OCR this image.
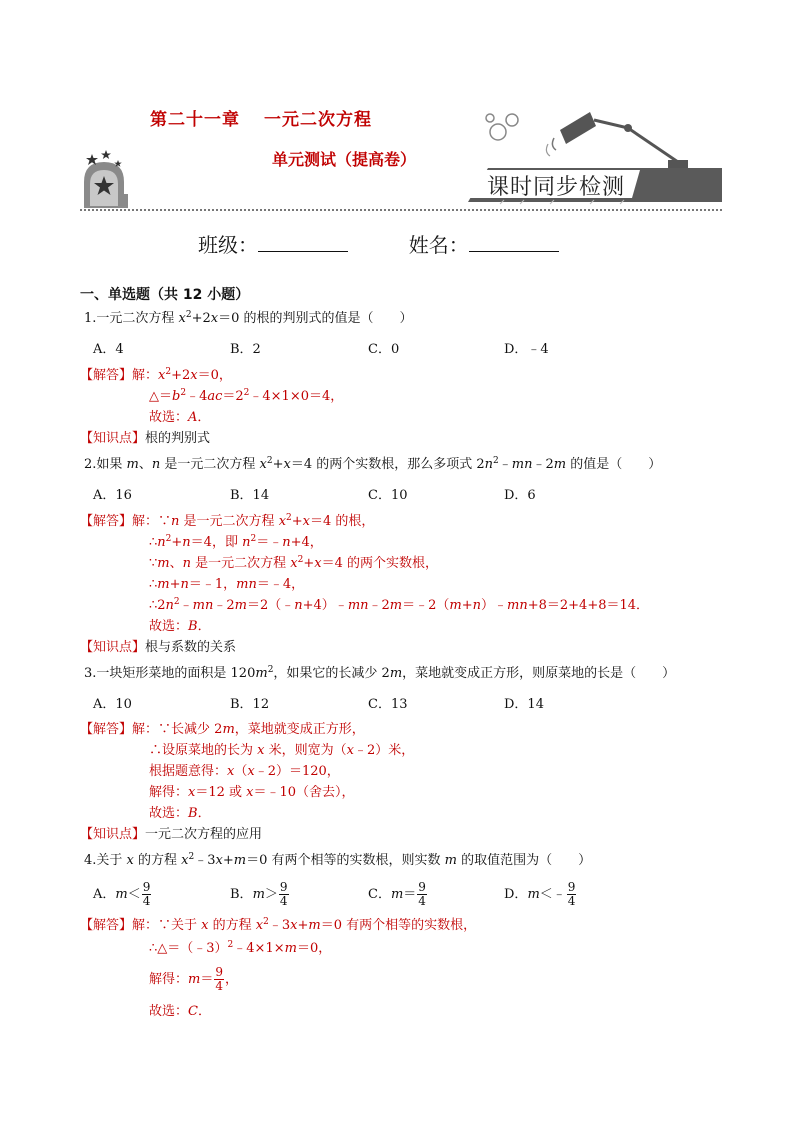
第二十一章 一元二次方程
单元测试（提高卷）
课时同步检测
班级：	姓名：
一、单选题（共 12 小题）
1.一元二次方程 $x^2+2x=0$ 的根的判别式的值是（　　）
A．4	B．2	C．0	D．﹣4
【解答】解：$x^2+2x=0$，
$\triangle=b^2﹣4ac=2^2﹣4\times 1\times 0=4$，
故选：A．
【知识点】根的判别式
2.如果 m、n 是一元二次方程 $x^2+x=4$ 的两个实数根，那么多项式 $2n^2﹣mn﹣2m$ 的值是（　　）
A．16	B．14	C．10	D．6
【解答】解：∵n 是一元二次方程 $x^2+x=4$ 的根，
$\therefore n^2+n=4$，即 $n^2=﹣n+4$，
∵m、n 是一元二次方程 $x^2+x=4$ 的两个实数根，
∴m+n＝﹣1，mn＝﹣4，
$\therefore 2n^2﹣mn﹣2m=2(﹣n+4)﹣mn﹣2m=﹣2(m+n)﹣mn+8=2+4+8=14$．
故选：B．
【知识点】根与系数的关系
3.一块矩形菜地的面积是 $120m^2$，如果它的长减少 2m，菜地就变成正方形，则原菜地的长是（　　）
A．10	B．12	C．13	D．14
【解答】解：∵长减少 2m，菜地就变成正方形，
∴设原菜地的长为 x 米，则宽为（x﹣2）米，
根据题意得：x（x﹣2）＝120，
解得：x＝12 或 x＝﹣10（舍去），
故选：B．
【知识点】一元二次方程的应用
4.关于 x 的方程 $x^2﹣3x+m=0$ 有两个相等的实数根，则实数 m 的取值范围为（　　）
A．$m< \frac{9}{4}$	B．$m> \frac{9}{4}$	C．$m= \frac{9}{4}$	D．m＜﹣ $\frac{9}{4}$
【解答】解：∵关于 x 的方程 $x^2﹣3x+m=0$ 有两个相等的实数根，
∴△＝（﹣3）$^2$﹣4×1×m＝0，
解得：$m= \frac{9}{4}$ ，
故选：C．
